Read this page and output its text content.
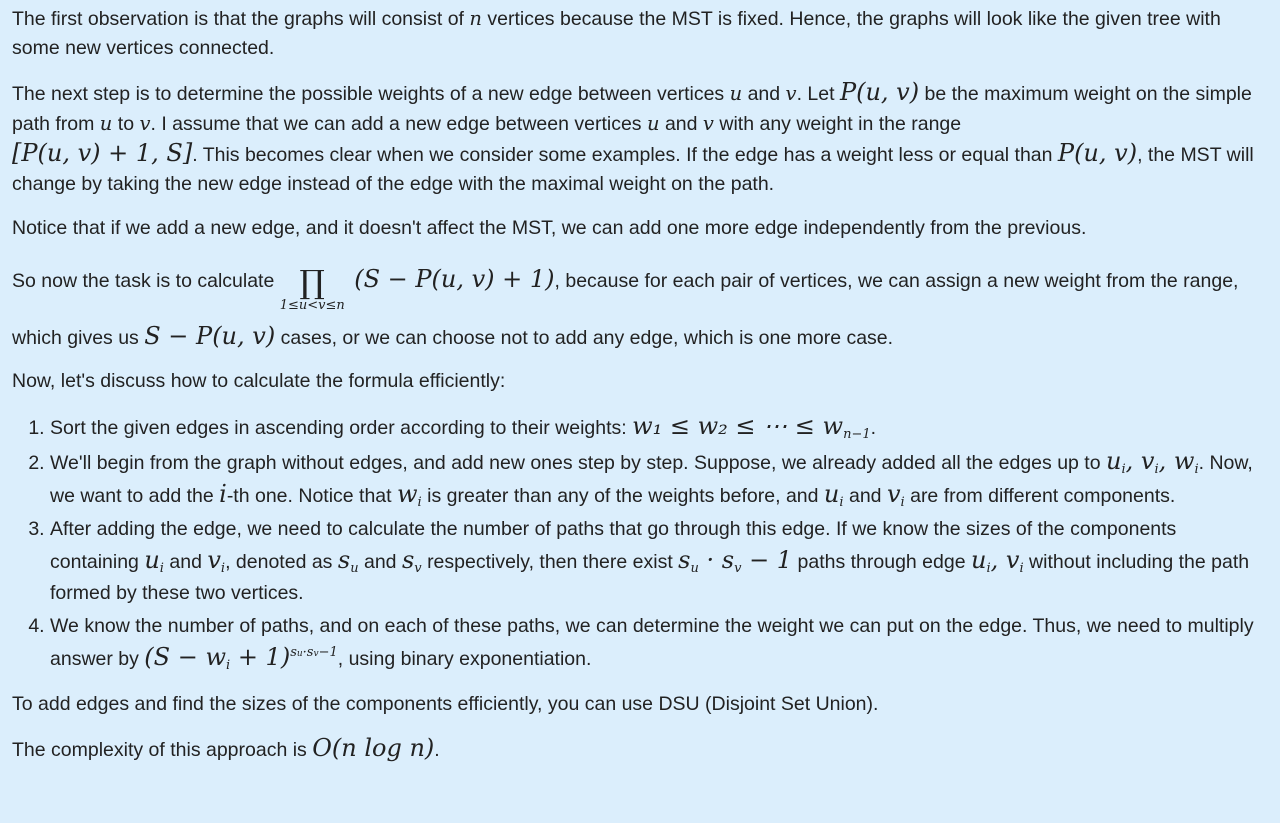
The first observation is that the graphs will consist of n vertices because the MST is fixed. Hence, the graphs will look like the given tree with some new vertices connected.

The next step is to determine the possible weights of a new edge between vertices u and v. Let P(u, v) be the maximum weight on the simple path from u to v. I assume that we can add a new edge between vertices u and v with any weight in the range
[P(u, v) + 1, S]. This becomes clear when we consider some examples. If the edge has a weight less or equal than P(u, v), the MST will change by taking the new edge instead of the edge with the maximal weight on the path.

Notice that if we add a new edge, and it doesn't affect the MST, we can add one more edge independently from the previous.

So now the task is to calculate ∏
1≤u<v≤n
(S − P(u, v) + 1), because for each pair of vertices, we can assign a new weight from the range, which gives us S − P(u, v) cases, or we can choose not to add any edge, which is one more case.

Now, let's discuss how to calculate the formula efficiently:

1. Sort the given edges in ascending order according to their weights: w₁ ≤ w₂ ≤ ⋯ ≤ $w_{n-1}$.
2. We'll begin from the graph without edges, and add new ones step by step. Suppose, we already added all the edges up to $u_i$, $v_i$, $w_i$. Now, we want to add the i-th one. Notice that $w_i$ is greater than any of the weights before, and $u_i$ and $v_i$ are from different components.
3. After adding the edge, we need to calculate the number of paths that go through this edge. If we know the sizes of the components containing $u_i$ and $v_i$, denoted as $s_u$ and $s_v$ respectively, then there exist $s_u \cdot s_v - 1$ paths through edge $u_i$, $v_i$ without including the path formed by these two vertices.
4. We know the number of paths, and on each of these paths, we can determine the weight we can put on the edge. Thus, we need to multiply answer by $(S - w_i + 1)^{su\cdot sv-1}$, using binary exponentiation.

To add edges and find the sizes of the components efficiently, you can use DSU (Disjoint Set Union).

The complexity of this approach is O(n log n).
